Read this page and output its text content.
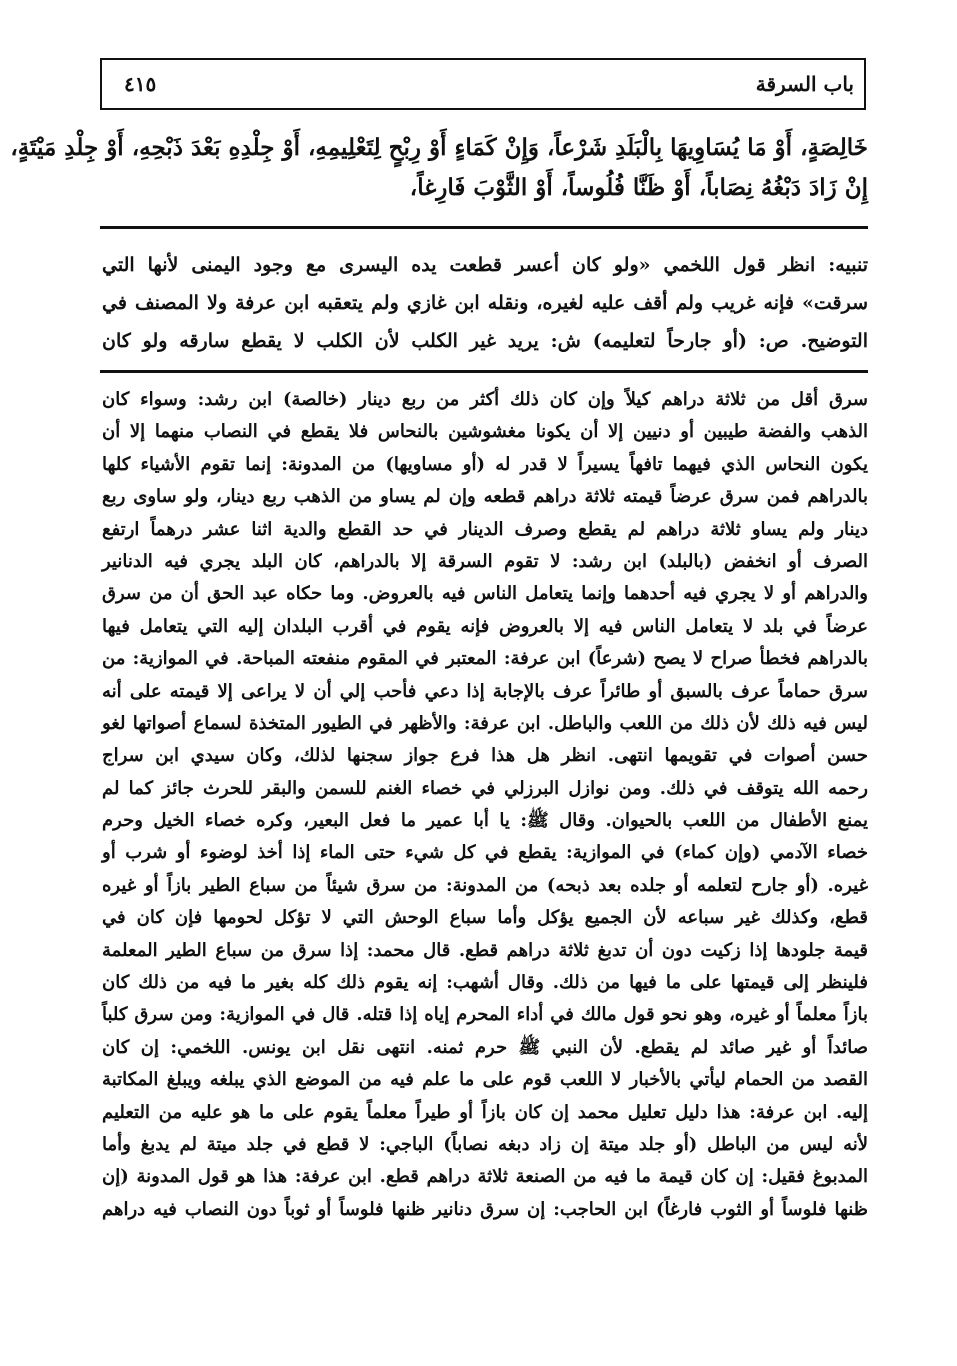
باب السرقة
٤١٥
خَالِصَةٍ، أَوْ مَا يُسَاوِيهَا بِالْبَلَدِ شَرْعاً، وَإِنْ كَمَاءٍ أَوْ رِبْحٍ لِتَعْلِيمِهِ، أَوْ جِلْدِهِ بَعْدَ ذَبْحِهِ، أَوْ جِلْدِ مَيْتَةٍ،
إِنْ زَادَ دَبْغُهُ نِصَاباً، أَوْ ظَنَّا فُلُوساً، أَوْ الثَّوْبَ فَارِغاً،
تنبيه: انظر قول اللخمي «ولو كان أعسر قطعت يده اليسرى مع وجود اليمنى لأنها التي
سرقت» فإنه غريب ولم أقف عليه لغيره، ونقله ابن غازي ولم يتعقبه ابن عرفة ولا المصنف في
التوضيح. ص: (أو جارحاً لتعليمه) ش: يريد غير الكلب لأن الكلب لا يقطع سارقه ولو كان
سرق أقل من ثلاثة دراهم كيلاً وإن كان ذلك أكثر من ربع دينار (خالصة) ابن رشد: وسواء كان
الذهب والفضة طيبين أو دنيين إلا أن يكونا مغشوشين بالنحاس فلا يقطع في النصاب منهما إلا أن
يكون النحاس الذي فيهما تافهاً يسيراً لا قدر له (أو مساويها) من المدونة: إنما تقوم الأشياء كلها
بالدراهم فمن سرق عرضاً قيمته ثلاثة دراهم قطعه وإن لم يساو من الذهب ربع دينار، ولو ساوى ربع
دينار ولم يساو ثلاثة دراهم لم يقطع وصرف الدينار في حد القطع والدية اثنا عشر درهماً ارتفع
الصرف أو انخفض (بالبلد) ابن رشد: لا تقوم السرقة إلا بالدراهم، كان البلد يجري فيه الدنانير
والدراهم أو لا يجري فيه أحدهما وإنما يتعامل الناس فيه بالعروض. وما حكاه عبد الحق أن من سرق
عرضاً في بلد لا يتعامل الناس فيه إلا بالعروض فإنه يقوم في أقرب البلدان إليه التي يتعامل فيها
بالدراهم فخطأ صراح لا يصح (شرعاً) ابن عرفة: المعتبر في المقوم منفعته المباحة. في الموازية: من
سرق حماماً عرف بالسبق أو طائراً عرف بالإجابة إذا دعي فأحب إلي أن لا يراعى إلا قيمته على أنه
ليس فيه ذلك لأن ذلك من اللعب والباطل. ابن عرفة: والأظهر في الطيور المتخذة لسماع أصواتها لغو
حسن أصوات في تقويمها انتهى. انظر هل هذا فرع جواز سجنها لذلك، وكان سيدي ابن سراج
رحمه الله يتوقف في ذلك. ومن نوازل البرزلي في خصاء الغنم للسمن والبقر للحرث جائز كما لم
يمنع الأطفال من اللعب بالحيوان. وقال ﷺ: يا أبا عمير ما فعل البعير، وكره خصاء الخيل وحرم
خصاء الآدمي (وإن كماء) في الموازية: يقطع في كل شيء حتى الماء إذا أخذ لوضوء أو شرب أو
غيره. (أو جارح لتعلمه أو جلده بعد ذبحه) من المدونة: من سرق شيئاً من سباع الطير بازاً أو غيره
قطع، وكذلك غير سباعه لأن الجميع يؤكل وأما سباع الوحش التي لا تؤكل لحومها فإن كان في
قيمة جلودها إذا زكيت دون أن تدبغ ثلاثة دراهم قطع. قال محمد: إذا سرق من سباع الطير المعلمة
فلينظر إلى قيمتها على ما فيها من ذلك. وقال أشهب: إنه يقوم ذلك كله بغير ما فيه من ذلك كان
بازاً معلماً أو غيره، وهو نحو قول مالك في أداء المحرم إياه إذا قتله. قال في الموازية: ومن سرق كلباً
صائداً أو غير صائد لم يقطع. لأن النبي ﷺ حرم ثمنه. انتهى نقل ابن يونس. اللخمي: إن كان
القصد من الحمام ليأتي بالأخبار لا اللعب قوم على ما علم فيه من الموضع الذي يبلغه ويبلغ المكاتبة
إليه. ابن عرفة: هذا دليل تعليل محمد إن كان بازاً أو طيراً معلماً يقوم على ما هو عليه من التعليم
لأنه ليس من الباطل (أو جلد ميتة إن زاد دبغه نصاباً) الباجي: لا قطع في جلد ميتة لم يدبغ وأما
المدبوغ فقيل: إن كان قيمة ما فيه من الصنعة ثلاثة دراهم قطع. ابن عرفة: هذا هو قول المدونة (إن
ظنها فلوساً أو الثوب فارغاً) ابن الحاجب: إن سرق دنانير ظنها فلوساً أو ثوباً دون النصاب فيه دراهم
